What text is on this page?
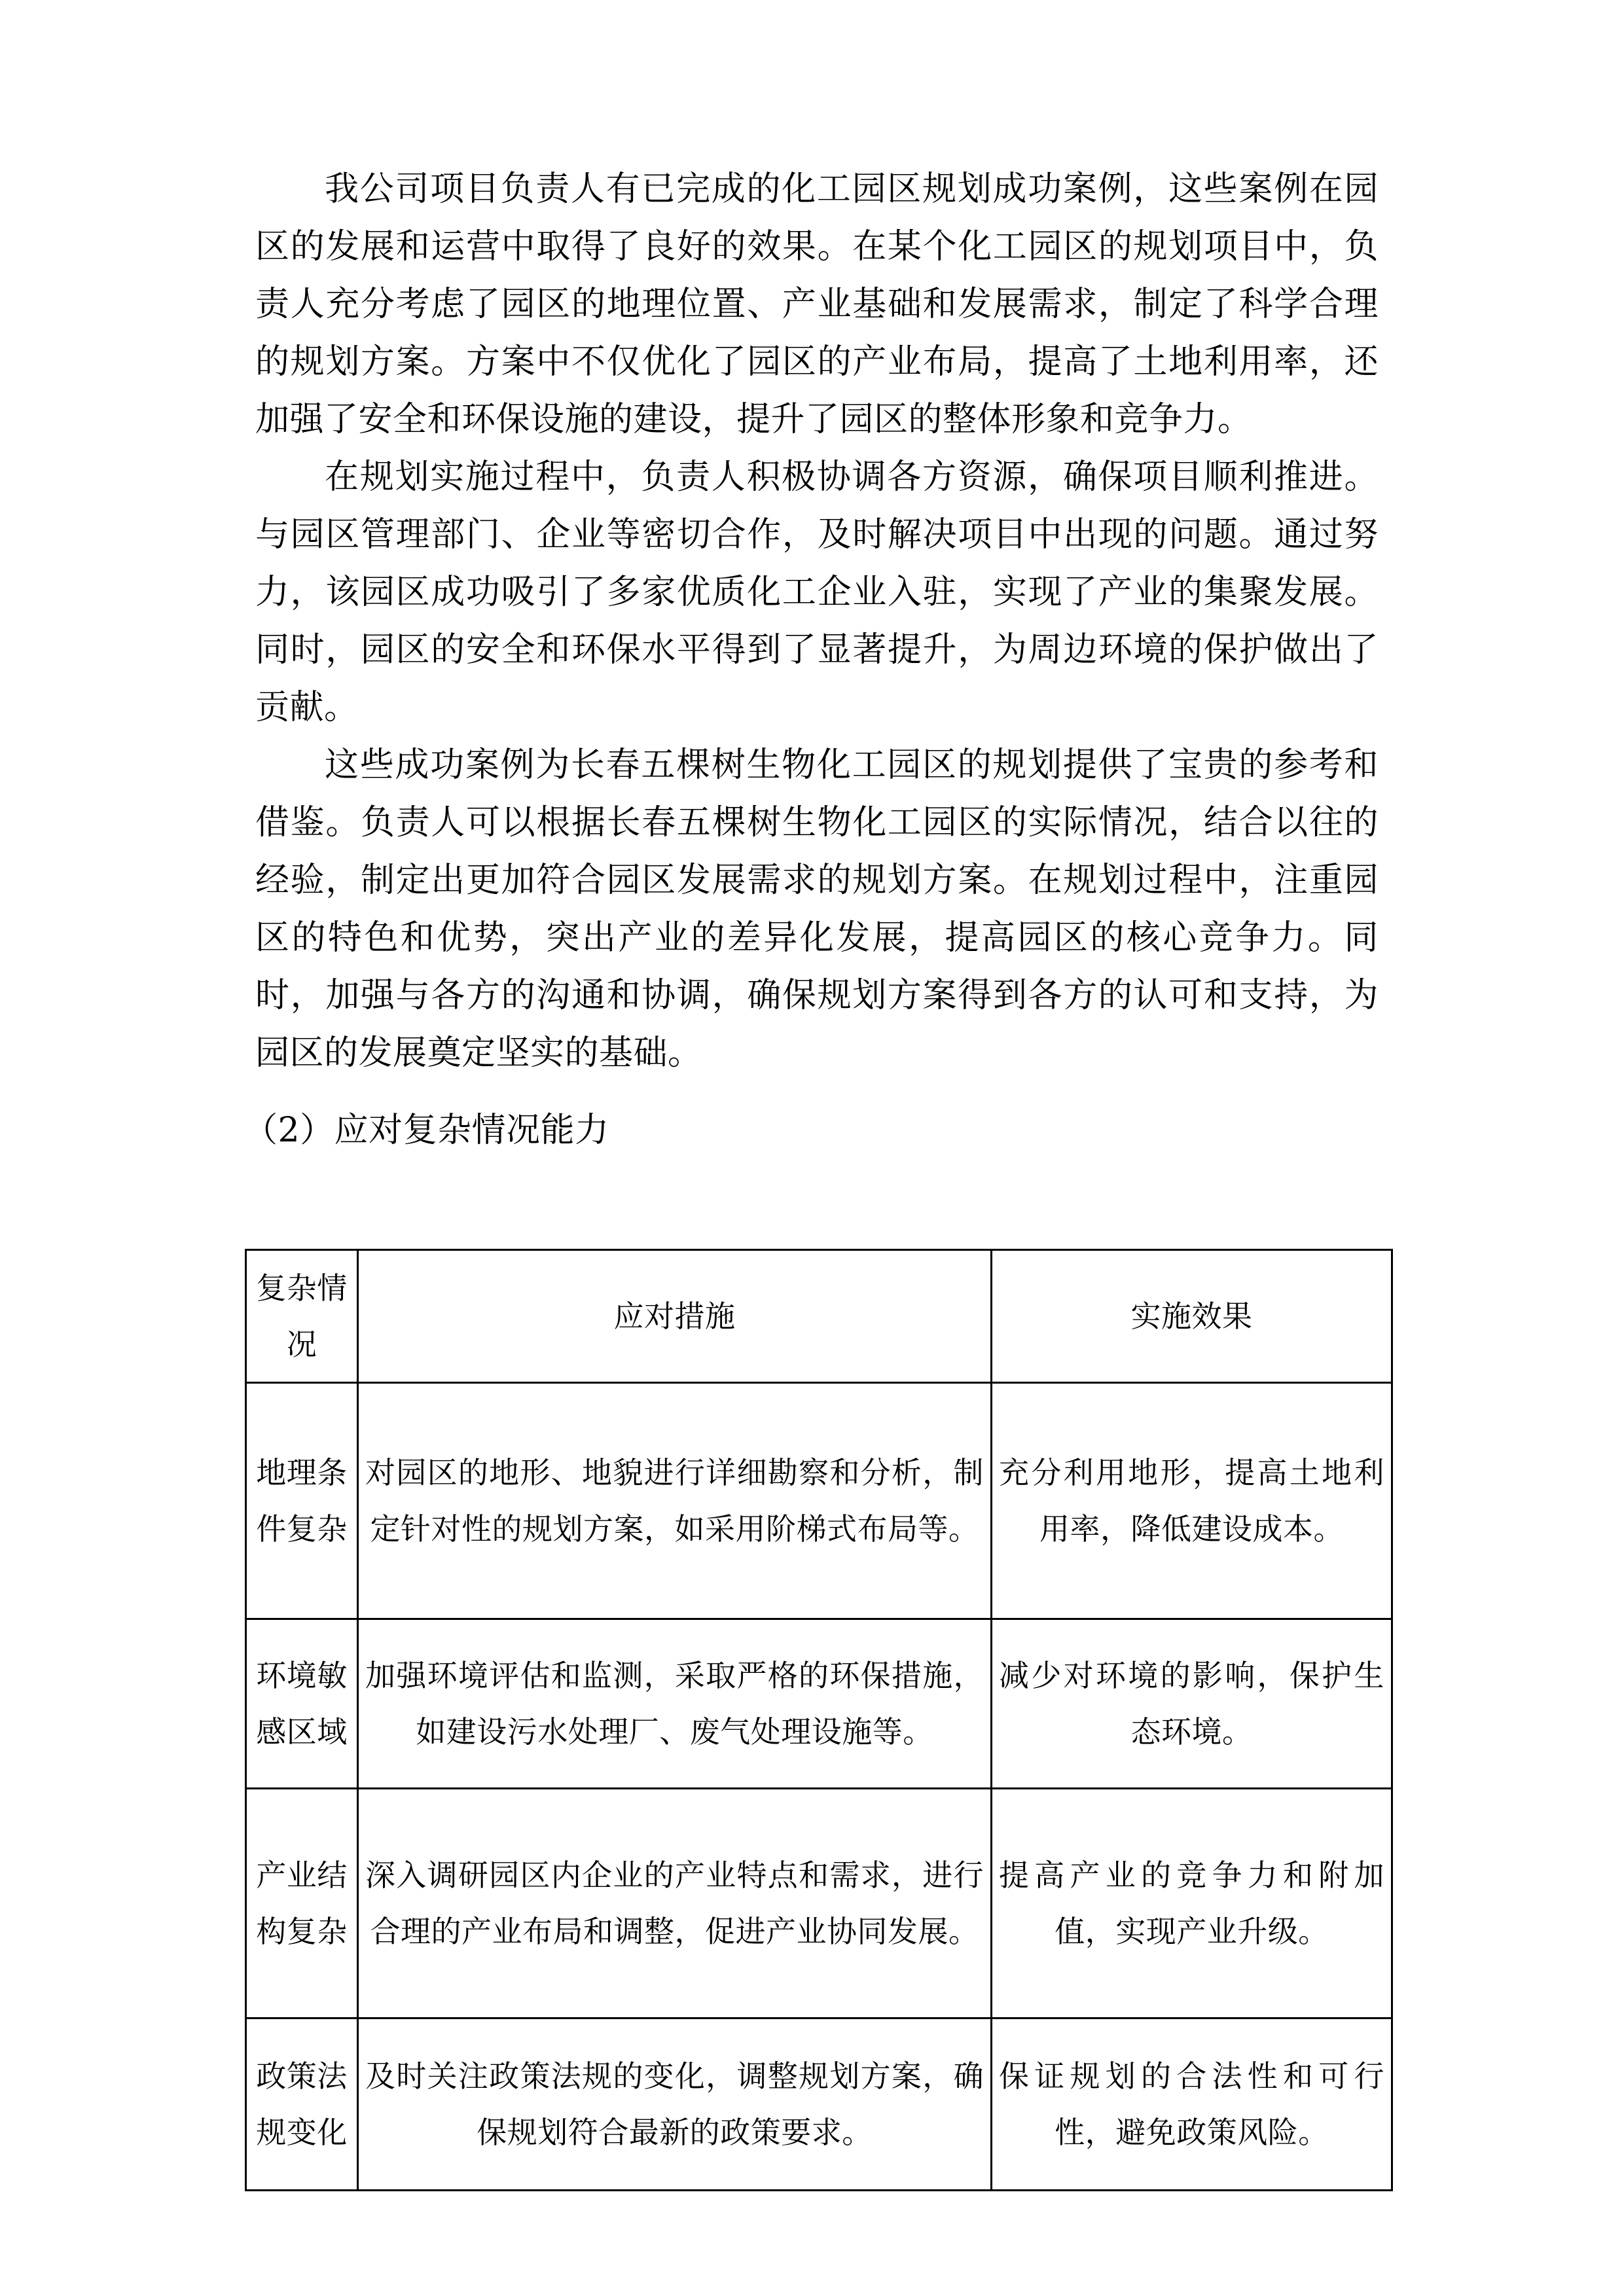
我公司项目负责人有已完成的化工园区规划成功案例，这些案例在园区的发展和运营中取得了良好的效果。在某个化工园区的规划项目中，负责人充分考虑了园区的地理位置、产业基础和发展需求，制定了科学合理的规划方案。方案中不仅优化了园区的产业布局，提高了土地利用率，还加强了安全和环保设施的建设，提升了园区的整体形象和竞争力。

在规划实施过程中，负责人积极协调各方资源，确保项目顺利推进。与园区管理部门、企业等密切合作，及时解决项目中出现的问题。通过努力，该园区成功吸引了多家优质化工企业入驻，实现了产业的集聚发展。同时，园区的安全和环保水平得到了显著提升，为周边环境的保护做出了贡献。

这些成功案例为长春五棵树生物化工园区的规划提供了宝贵的参考和借鉴。负责人可以根据长春五棵树生物化工园区的实际情况，结合以往的经验，制定出更加符合园区发展需求的规划方案。在规划过程中，注重园区的特色和优势，突出产业的差异化发展，提高园区的核心竞争力。同时，加强与各方的沟通和协调，确保规划方案得到各方的认可和支持，为园区的发展奠定坚实的基础。

（2）应对复杂情况能力

复杂情况	应对措施	实施效果
地理条件复杂	对园区的地形、地貌进行详细勘察和分析，制定针对性的规划方案，如采用阶梯式布局等。	充分利用地形，提高土地利用率，降低建设成本。
环境敏感区域	加强环境评估和监测，采取严格的环保措施，如建设污水处理厂、废气处理设施等。	减少对环境的影响，保护生态环境。
产业结构复杂	深入调研园区内企业的产业特点和需求，进行合理的产业布局和调整，促进产业协同发展。	提高产业的竞争力和附加值，实现产业升级。
政策法规变化	及时关注政策法规的变化，调整规划方案，确保规划符合最新的政策要求。	保证规划的合法性和可行性，避免政策风险。
